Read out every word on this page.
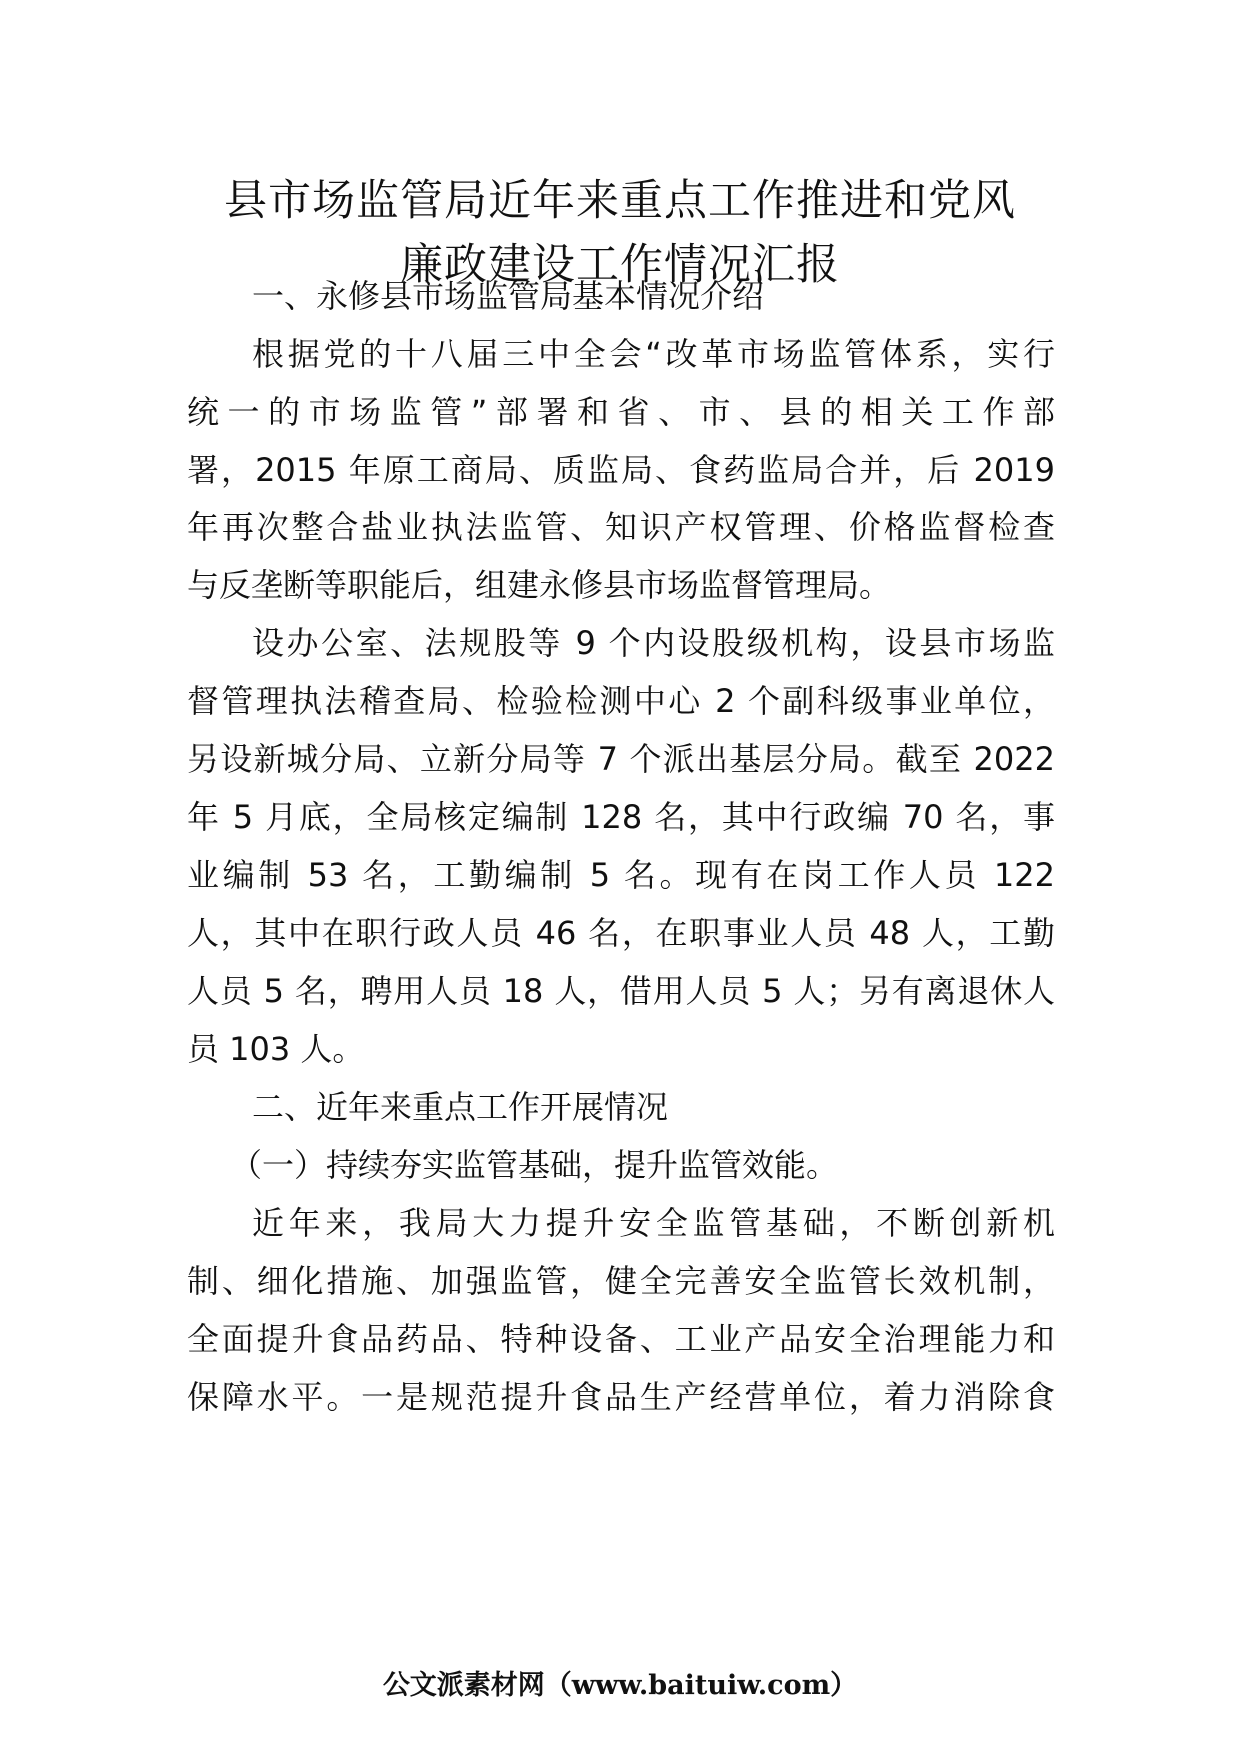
县市场监管局近年来重点工作推进和党风
廉政建设工作情况汇报

一、永修县市场监管局基本情况介绍

根据党的十八届三中全会“改革市场监管体系，实行

统一的市场监管”部署和省、市、县的相关工作部

署，2015 年原工商局、质监局、食药监局合并，后 2019

年再次整合盐业执法监管、知识产权管理、价格监督检查

与反垄断等职能后，组建永修县市场监督管理局。

设办公室、法规股等 9 个内设股级机构，设县市场监

督管理执法稽查局、检验检测中心 2 个副科级事业单位，

另设新城分局、立新分局等 7 个派出基层分局。截至 2022

年 5 月底，全局核定编制 128 名，其中行政编 70 名，事

业编制 53 名，工勤编制 5 名。现有在岗工作人员 122

人，其中在职行政人员 46 名，在职事业人员 48 人，工勤

人员 5 名，聘用人员 18 人，借用人员 5 人；另有离退休人

员 103 人。

二、近年来重点工作开展情况

（一）持续夯实监管基础，提升监管效能。

近年来，我局大力提升安全监管基础，不断创新机

制、细化措施、加强监管，健全完善安全监管长效机制，

全面提升食品药品、特种设备、工业产品安全治理能力和

保障水平。一是规范提升食品生产经营单位，着力消除食

公文派素材网（www.baituiw.com）
